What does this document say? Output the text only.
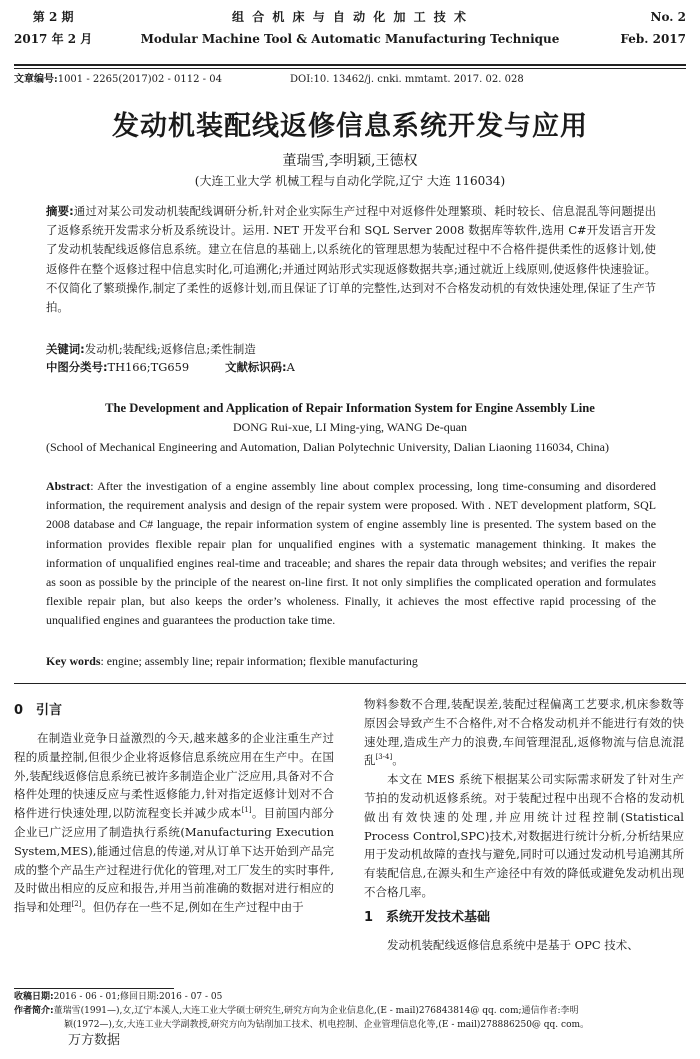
组 合 机 床 与 自 动 化 加 工 技 术
Modular Machine Tool & Automatic Manufacturing Technique
第 2 期
2017 年 2 月
No. 2
Feb. 2017
文章编号:1001 - 2265(2017)02 - 0112 - 04	DOI:10. 13462/j. cnki. mmtamt. 2017. 02. 028
发动机装配线返修信息系统开发与应用
董瑞雪,李明颖,王德权
(大连工业大学 机械工程与自动化学院,辽宁 大连 116034)
摘要:通过对某公司发动机装配线调研分析,针对企业实际生产过程中对返修件处理繁琐、耗时较长、信息混乱等问题提出了返修系统开发需求分析及系统设计。运用. NET 开发平台和 SQL Server 2008 数据库等软件,选用 C#开发语言开发了发动机装配线返修信息系统。建立在信息的基础上,以系统化的管理思想为装配过程中不合格件提供柔性的返修计划,使返修件在整个返修过程中信息实时化,可追溯化;并通过网站形式实现返修数据共享;通过就近上线原则,使返修件快速验证。不仅简化了繁琐操作,制定了柔性的返修计划,而且保证了订单的完整性,达到对不合格发动机的有效快速处理,保证了生产节拍。
关键词:发动机;装配线;返修信息;柔性制造
中图分类号:TH166;TG659	文献标识码:A
The Development and Application of Repair Information System for Engine Assembly Line
DONG Rui-xue, LI Ming-ying, WANG De-quan
(School of Mechanical Engineering and Automation, Dalian Polytechnic University, Dalian Liaoning 116034, China)
Abstract: After the investigation of a engine assembly line about complex processing, long time-consuming and disordered information, the requirement analysis and design of the repair system were proposed. With . NET development platform, SQL 2008 database and C# language, the repair information system of engine assembly line is presented. The system based on the information provides flexible repair plan for unqualified engines with a systematic management thinking. It makes the information of unqualified engines real-time and traceable; and shares the repair data through websites; and verifies the repair as soon as possible by the principle of the nearest on-line first. It not only simplifies the complicated operation and formulates flexible repair plan, but also keeps the order’s wholeness. Finally, it achieves the most effective rapid processing of the unqualified engines and guarantees the production take time.
Key words: engine; assembly line; repair information; flexible manufacturing
0 引言

在制造业竞争日益激烈的今天,越来越多的企业注重生产过程的质量控制,但很少企业将返修信息系统应用在生产中。在国外,装配线返修信息系统已被许多制造企业广泛应用,具备对不合格件处理的快速反应与柔性返修能力,针对指定返修计划对不合格件进行快速处理,以防流程变长并减少成本[1]。目前国内部分企业已广泛应用了制造执行系统(Manufacturing Execution System,MES),能通过信息的传递,对从订单下达开始到产品完成的整个产品生产过程进行优化的管理,对工厂发生的实时事件,及时做出相应的反应和报告,并用当前准确的数据对进行相应的指导和处理[2]。但仍存在一些不足,例如在生产过程中由于

物料参数不合理,装配误差,装配过程偏离工艺要求,机床参数等原因会导致产生不合格件,对不合格发动机并不能进行有效的快速处理,造成生产力的浪费,车间管理混乱,返修物流与信息流混乱[3-4]。

本文在 MES 系统下根据某公司实际需求研发了针对生产节拍的发动机返修系统。对于装配过程中出现不合格的发动机做出有效快速的处理,并应用统计过程控制(Statistical Process Control,SPC)技术,对数据进行统计分析,分析结果应用于发动机故障的查找与避免,同时可以通过发动机号追溯其所有装配信息,在源头和生产途径中有效的降低或避免发动机出现不合格几率。

1 系统开发技术基础

发动机装配线返修信息系统中是基于 OPC 技术、

收稿日期:2016 - 06 - 01;修回日期:2016 - 07 - 05
作者简介:董瑞雪(1991—),女,辽宁本溪人,大连工业大学硕士研究生,研究方向为企业信息化,(E - mail)276843814@ qq. com;通信作者:李明
颖(1972—),女,大连工业大学副教授,研究方向为钻削加工技术、机电控制、企业管理信息化等,(E - mail)278886250@ qq. com。
万方数据
